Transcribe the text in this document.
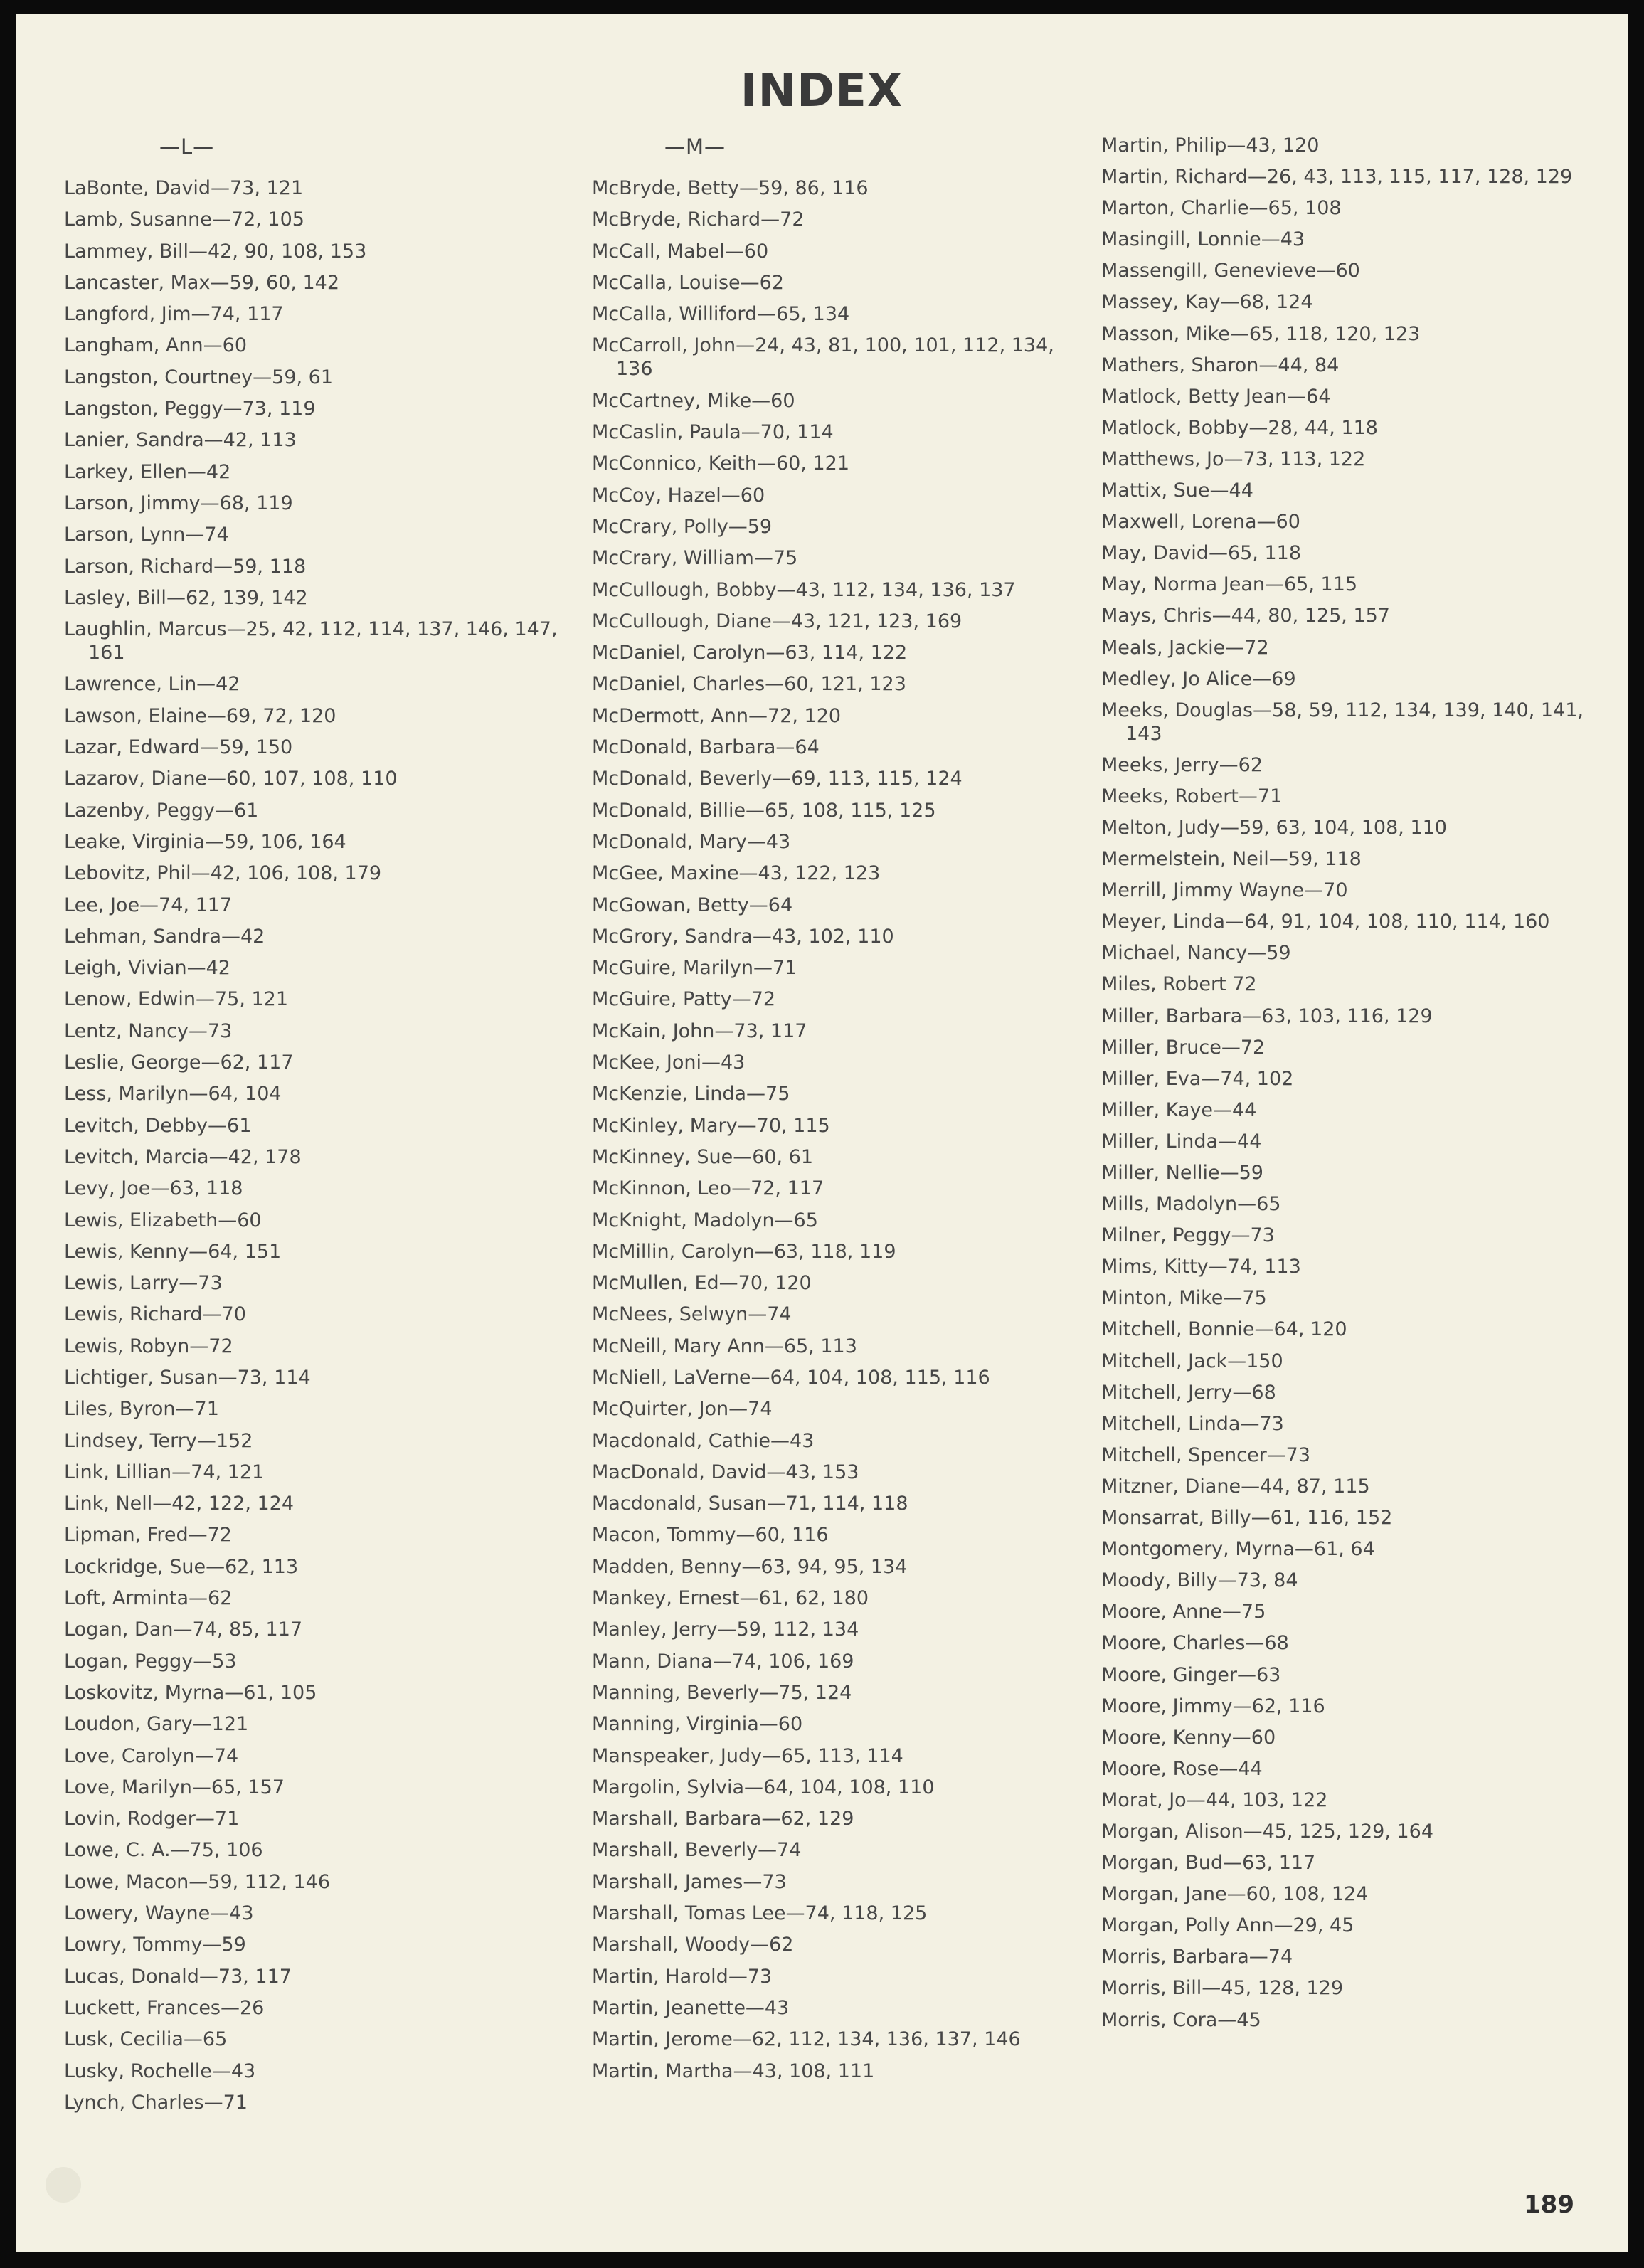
INDEX
—L—
LaBonte, David—73, 121
Lamb, Susanne—72, 105
Lammey, Bill—42, 90, 108, 153
Lancaster, Max—59, 60, 142
Langford, Jim—74, 117
Langham, Ann—60
Langston, Courtney—59, 61
Langston, Peggy—73, 119
Lanier, Sandra—42, 113
Larkey, Ellen—42
Larson, Jimmy—68, 119
Larson, Lynn—74
Larson, Richard—59, 118
Lasley, Bill—62, 139, 142
Laughlin, Marcus—25, 42, 112, 114, 137, 146, 147, 161
Lawrence, Lin—42
Lawson, Elaine—69, 72, 120
Lazar, Edward—59, 150
Lazarov, Diane—60, 107, 108, 110
Lazenby, Peggy—61
Leake, Virginia—59, 106, 164
Lebovitz, Phil—42, 106, 108, 179
Lee, Joe—74, 117
Lehman, Sandra—42
Leigh, Vivian—42
Lenow, Edwin—75, 121
Lentz, Nancy—73
Leslie, George—62, 117
Less, Marilyn—64, 104
Levitch, Debby—61
Levitch, Marcia—42, 178
Levy, Joe—63, 118
Lewis, Elizabeth—60
Lewis, Kenny—64, 151
Lewis, Larry—73
Lewis, Richard—70
Lewis, Robyn—72
Lichtiger, Susan—73, 114
Liles, Byron—71
Lindsey, Terry—152
Link, Lillian—74, 121
Link, Nell—42, 122, 124
Lipman, Fred—72
Lockridge, Sue—62, 113
Loft, Arminta—62
Logan, Dan—74, 85, 117
Logan, Peggy—53
Loskovitz, Myrna—61, 105
Loudon, Gary—121
Love, Carolyn—74
Love, Marilyn—65, 157
Lovin, Rodger—71
Lowe, C. A.—75, 106
Lowe, Macon—59, 112, 146
Lowery, Wayne—43
Lowry, Tommy—59
Lucas, Donald—73, 117
Luckett, Frances—26
Lusk, Cecilia—65
Lusky, Rochelle—43
Lynch, Charles—71
—M—
McBryde, Betty—59, 86, 116
McBryde, Richard—72
McCall, Mabel—60
McCalla, Louise—62
McCalla, Williford—65, 134
McCarroll, John—24, 43, 81, 100, 101, 112, 134, 136
McCartney, Mike—60
McCaslin, Paula—70, 114
McConnico, Keith—60, 121
McCoy, Hazel—60
McCrary, Polly—59
McCrary, William—75
McCullough, Bobby—43, 112, 134, 136, 137
McCullough, Diane—43, 121, 123, 169
McDaniel, Carolyn—63, 114, 122
McDaniel, Charles—60, 121, 123
McDermott, Ann—72, 120
McDonald, Barbara—64
McDonald, Beverly—69, 113, 115, 124
McDonald, Billie—65, 108, 115, 125
McDonald, Mary—43
McGee, Maxine—43, 122, 123
McGowan, Betty—64
McGrory, Sandra—43, 102, 110
McGuire, Marilyn—71
McGuire, Patty—72
McKain, John—73, 117
McKee, Joni—43
McKenzie, Linda—75
McKinley, Mary—70, 115
McKinney, Sue—60, 61
McKinnon, Leo—72, 117
McKnight, Madolyn—65
McMillin, Carolyn—63, 118, 119
McMullen, Ed—70, 120
McNees, Selwyn—74
McNeill, Mary Ann—65, 113
McNiell, LaVerne—64, 104, 108, 115, 116
McQuirter, Jon—74
Macdonald, Cathie—43
MacDonald, David—43, 153
Macdonald, Susan—71, 114, 118
Macon, Tommy—60, 116
Madden, Benny—63, 94, 95, 134
Mankey, Ernest—61, 62, 180
Manley, Jerry—59, 112, 134
Mann, Diana—74, 106, 169
Manning, Beverly—75, 124
Manning, Virginia—60
Manspeaker, Judy—65, 113, 114
Margolin, Sylvia—64, 104, 108, 110
Marshall, Barbara—62, 129
Marshall, Beverly—74
Marshall, James—73
Marshall, Tomas Lee—74, 118, 125
Marshall, Woody—62
Martin, Harold—73
Martin, Jeanette—43
Martin, Jerome—62, 112, 134, 136, 137, 146
Martin, Martha—43, 108, 111
Martin, Philip—43, 120
Martin, Richard—26, 43, 113, 115, 117, 128, 129
Marton, Charlie—65, 108
Masingill, Lonnie—43
Massengill, Genevieve—60
Massey, Kay—68, 124
Masson, Mike—65, 118, 120, 123
Mathers, Sharon—44, 84
Matlock, Betty Jean—64
Matlock, Bobby—28, 44, 118
Matthews, Jo—73, 113, 122
Mattix, Sue—44
Maxwell, Lorena—60
May, David—65, 118
May, Norma Jean—65, 115
Mays, Chris—44, 80, 125, 157
Meals, Jackie—72
Medley, Jo Alice—69
Meeks, Douglas—58, 59, 112, 134, 139, 140, 141, 143
Meeks, Jerry—62
Meeks, Robert—71
Melton, Judy—59, 63, 104, 108, 110
Mermelstein, Neil—59, 118
Merrill, Jimmy Wayne—70
Meyer, Linda—64, 91, 104, 108, 110, 114, 160
Michael, Nancy—59
Miles, Robert 72
Miller, Barbara—63, 103, 116, 129
Miller, Bruce—72
Miller, Eva—74, 102
Miller, Kaye—44
Miller, Linda—44
Miller, Nellie—59
Mills, Madolyn—65
Milner, Peggy—73
Mims, Kitty—74, 113
Minton, Mike—75
Mitchell, Bonnie—64, 120
Mitchell, Jack—150
Mitchell, Jerry—68
Mitchell, Linda—73
Mitchell, Spencer—73
Mitzner, Diane—44, 87, 115
Monsarrat, Billy—61, 116, 152
Montgomery, Myrna—61, 64
Moody, Billy—73, 84
Moore, Anne—75
Moore, Charles—68
Moore, Ginger—63
Moore, Jimmy—62, 116
Moore, Kenny—60
Moore, Rose—44
Morat, Jo—44, 103, 122
Morgan, Alison—45, 125, 129, 164
Morgan, Bud—63, 117
Morgan, Jane—60, 108, 124
Morgan, Polly Ann—29, 45
Morris, Barbara—74
Morris, Bill—45, 128, 129
Morris, Cora—45
189
